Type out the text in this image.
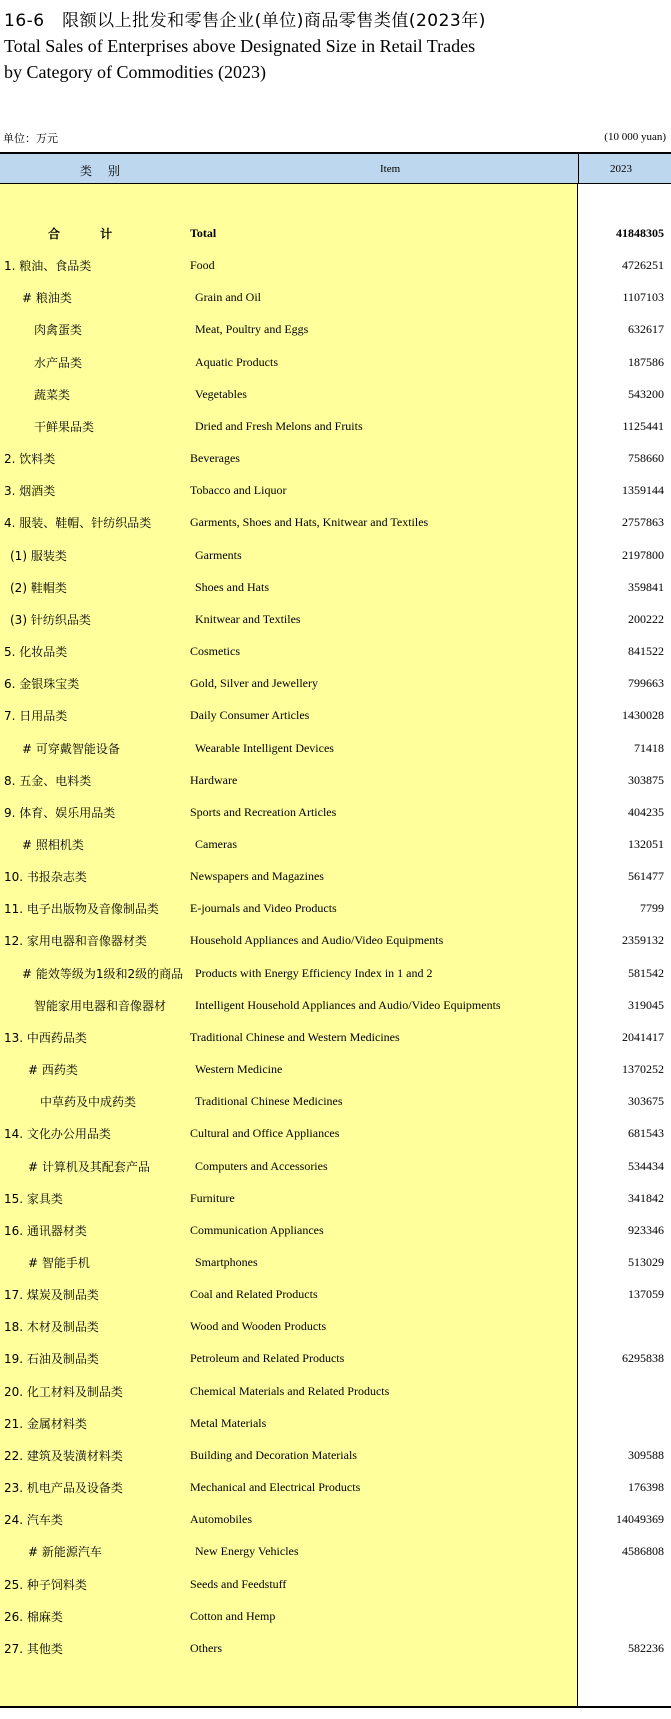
16-6　限额以上批发和零售企业(单位)商品零售类值(2023年)
Total Sales of Enterprises above Designated Size in Retail Trades
by Category of Commodities (2023)
单位：万元	(10 000 yuan)
类 别	Item	2023
合 计	Total	41848305
1. 粮油、食品类	Food	4726251
# 粮油类	Grain and Oil	1107103
肉禽蛋类	Meat, Poultry and Eggs	632617
水产品类	Aquatic Products	187586
蔬菜类	Vegetables	543200
干鲜果品类	Dried and Fresh Melons and Fruits	1125441
2. 饮料类	Beverages	758660
3. 烟酒类	Tobacco and Liquor	1359144
4. 服装、鞋帽、针纺织品类	Garments, Shoes and Hats, Knitwear and Textiles	2757863
(1) 服装类	Garments	2197800
(2) 鞋帽类	Shoes and Hats	359841
(3) 针纺织品类	Knitwear and Textiles	200222
5. 化妆品类	Cosmetics	841522
6. 金银珠宝类	Gold, Silver and Jewellery	799663
7. 日用品类	Daily Consumer Articles	1430028
# 可穿戴智能设备	Wearable Intelligent Devices	71418
8. 五金、电料类	Hardware	303875
9. 体育、娱乐用品类	Sports and Recreation Articles	404235
# 照相机类	Cameras	132051
10. 书报杂志类	Newspapers and Magazines	561477
11. 电子出版物及音像制品类	E-journals and Video Products	7799
12. 家用电器和音像器材类	Household Appliances and Audio/Video Equipments	2359132
# 能效等级为1级和2级的商品 Products with Energy Efficiency Index in 1 and 2	581542
智能家用电器和音像器材 Intelligent Household Appliances and Audio/Video Equipments	319045
13. 中西药品类	Traditional Chinese and Western Medicines	2041417
# 西药类	Western Medicine	1370252
中草药及中成药类	Traditional Chinese Medicines	303675
14. 文化办公用品类	Cultural and Office Appliances	681543
# 计算机及其配套产品	Computers and Accessories	534434
15. 家具类	Furniture	341842
16. 通讯器材类	Communication Appliances	923346
# 智能手机	Smartphones	513029
17. 煤炭及制品类	Coal and Related Products	137059
18. 木材及制品类	Wood and Wooden Products
19. 石油及制品类	Petroleum and Related Products	6295838
20. 化工材料及制品类	Chemical Materials and Related Products
21. 金属材料类	Metal Materials
22. 建筑及装潢材料类	Building and Decoration Materials	309588
23. 机电产品及设备类	Mechanical and Electrical Products	176398
24. 汽车类	Automobiles	14049369
# 新能源汽车	New Energy Vehicles	4586808
25. 种子饲料类	Seeds and Feedstuff
26. 棉麻类	Cotton and Hemp
27. 其他类	Others	582236
